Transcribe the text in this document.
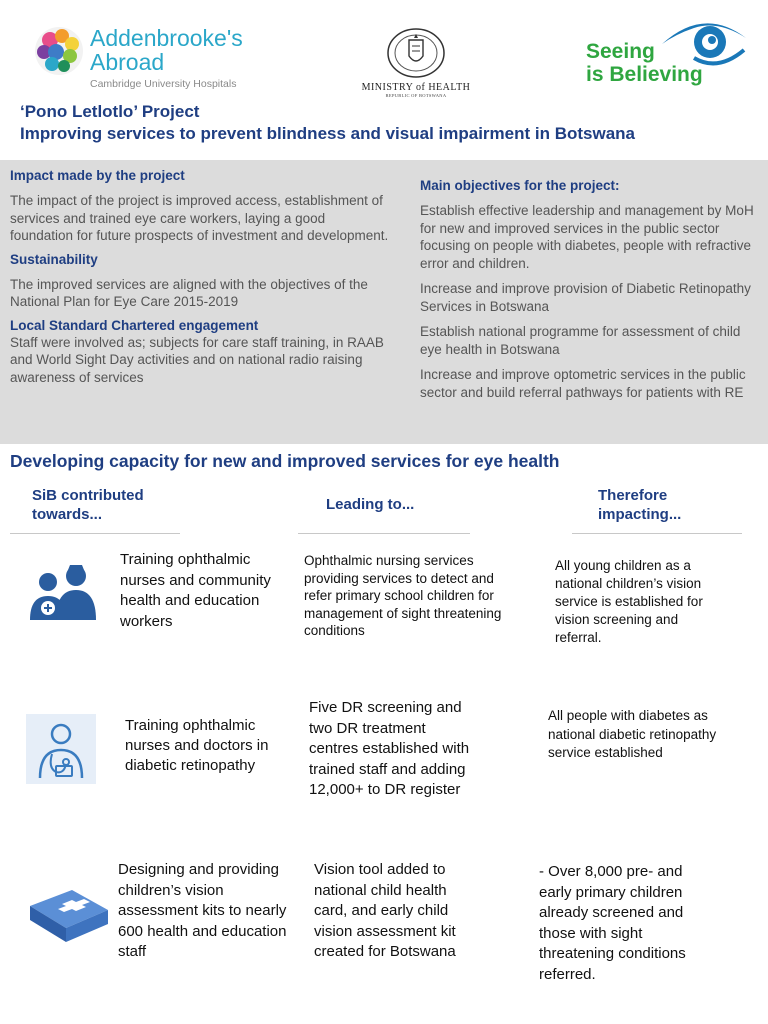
Addenbrooke's
Abroad
Cambridge University Hospitals	MINISTRY of HEALTH
REPUBLIC OF BOTSWANA
Seeing
is Believing
‘Pono Letlotlo’ Project
Improving services to prevent blindness and visual impairment in Botswana
Impact made by the project
The impact of the project is improved access, establishment of services and trained eye care workers, laying a good foundation for future prospects of investment and development.
Sustainability
The improved services are aligned with the objectives of the National Plan for Eye Care 2015-2019
Local Standard Chartered engagement
Staff were involved as; subjects for care staff training, in RAAB and World Sight Day activities and on national radio raising awareness of services
Main objectives for the project:
Establish effective leadership and management by MoH for new and improved services in the public sector focusing on people with diabetes, people with refractive error and children.
Increase and improve provision of Diabetic Retinopathy Services in Botswana
Establish national programme for assessment of child eye health in Botswana
Increase and improve optometric services in the public sector and build referral pathways for patients with RE
Developing capacity for new and improved services for eye health
SiB contributed towards...
Leading to...
Therefore impacting...
Training ophthalmic nurses and community health and education workers
Ophthalmic nursing services providing services to detect and refer primary school children for management of sight threatening conditions
All young children as a national children’s vision service is established for vision screening and referral.
Training ophthalmic nurses and doctors in diabetic retinopathy
Five DR screening and two DR treatment centres established with trained staff and adding 12,000+ to DR register
All people with diabetes as national diabetic retinopathy service established
Designing and providing children’s vision assessment kits to nearly 600 health and education staff
Vision tool added to national child health card, and early child vision assessment kit created for Botswana
- Over 8,000 pre- and early primary children already screened and those with sight threatening conditions referred.
